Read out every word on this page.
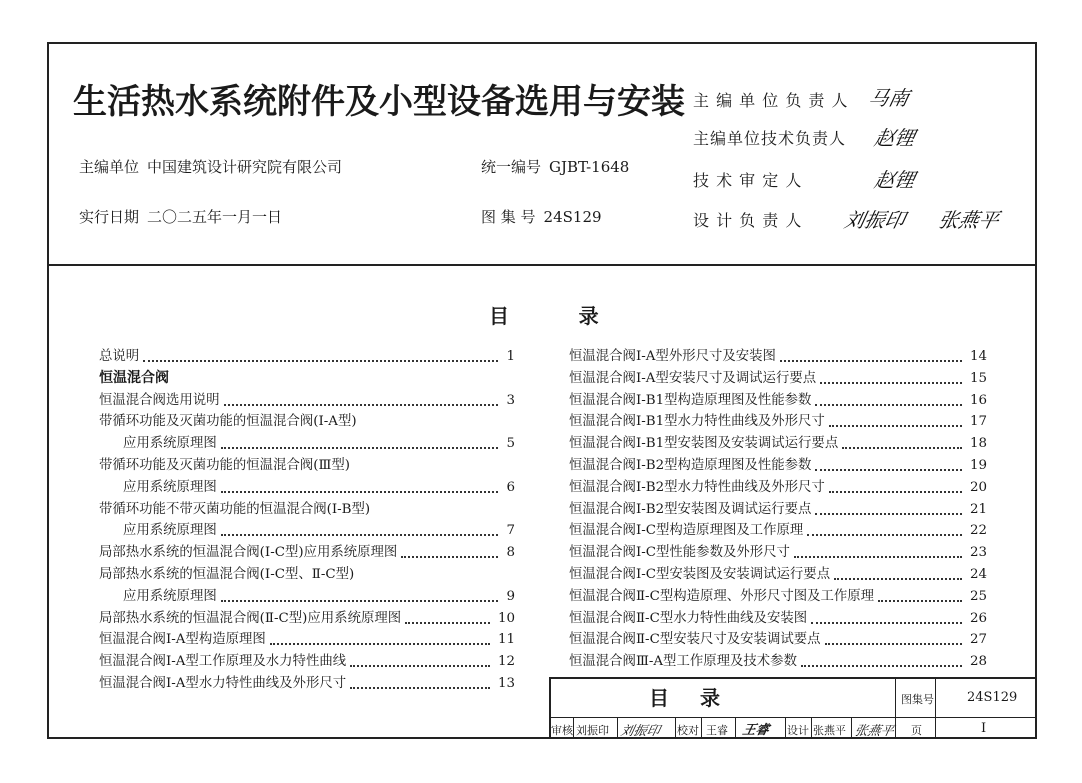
生活热水系统附件及小型设备选用与安装
主编单位 中国建筑设计研究院有限公司
实行日期 二〇二五年一月一日
统一编号 GJBT-1648
图 集 号 24S129
主 编 单 位 负 责 人 马南
主编单位技术负责人 赵锂
技 术 审 定 人	赵锂
设 计 负 责 人 刘振印 张燕平
目          录
总说明	1
恒温混合阀
恒温混合阀选用说明	3
带循环功能及灭菌功能的恒温混合阀(Ⅰ-A型)
应用系统原理图	5
带循环功能及灭菌功能的恒温混合阀(Ⅲ型)
应用系统原理图	6
带循环功能不带灭菌功能的恒温混合阀(Ⅰ-B型)
应用系统原理图	7
局部热水系统的恒温混合阀(Ⅰ-C型)应用系统原理图	8
局部热水系统的恒温混合阀(Ⅰ-C型、Ⅱ-C型)
应用系统原理图	9
局部热水系统的恒温混合阀(Ⅱ-C型)应用系统原理图	10
恒温混合阀Ⅰ-A型构造原理图	11
恒温混合阀Ⅰ-A型工作原理及水力特性曲线	12
恒温混合阀Ⅰ-A型水力特性曲线及外形尺寸	13
恒温混合阀Ⅰ-A型外形尺寸及安装图	14
恒温混合阀Ⅰ-A型安装尺寸及调试运行要点	15
恒温混合阀Ⅰ-B1型构造原理图及性能参数	16
恒温混合阀Ⅰ-B1型水力特性曲线及外形尺寸	17
恒温混合阀Ⅰ-B1型安装图及安装调试运行要点	18
恒温混合阀Ⅰ-B2型构造原理图及性能参数	19
恒温混合阀Ⅰ-B2型水力特性曲线及外形尺寸	20
恒温混合阀Ⅰ-B2型安装图及调试运行要点	21
恒温混合阀Ⅰ-C型构造原理图及工作原理	22
恒温混合阀Ⅰ-C型性能参数及外形尺寸	23
恒温混合阀Ⅰ-C型安装图及安装调试运行要点	24
恒温混合阀Ⅱ-C型构造原理、外形尺寸图及工作原理	25
恒温混合阀Ⅱ-C型水力特性曲线及安装图	26
恒温混合阀Ⅱ-C型安装尺寸及安装调试要点	27
恒温混合阀Ⅲ-A型工作原理及技术参数	28
目 录	图集号	24S129
审核 刘振印 刘振印 校对 王睿 王睿 设计 张燕平 张燕平 页	I
